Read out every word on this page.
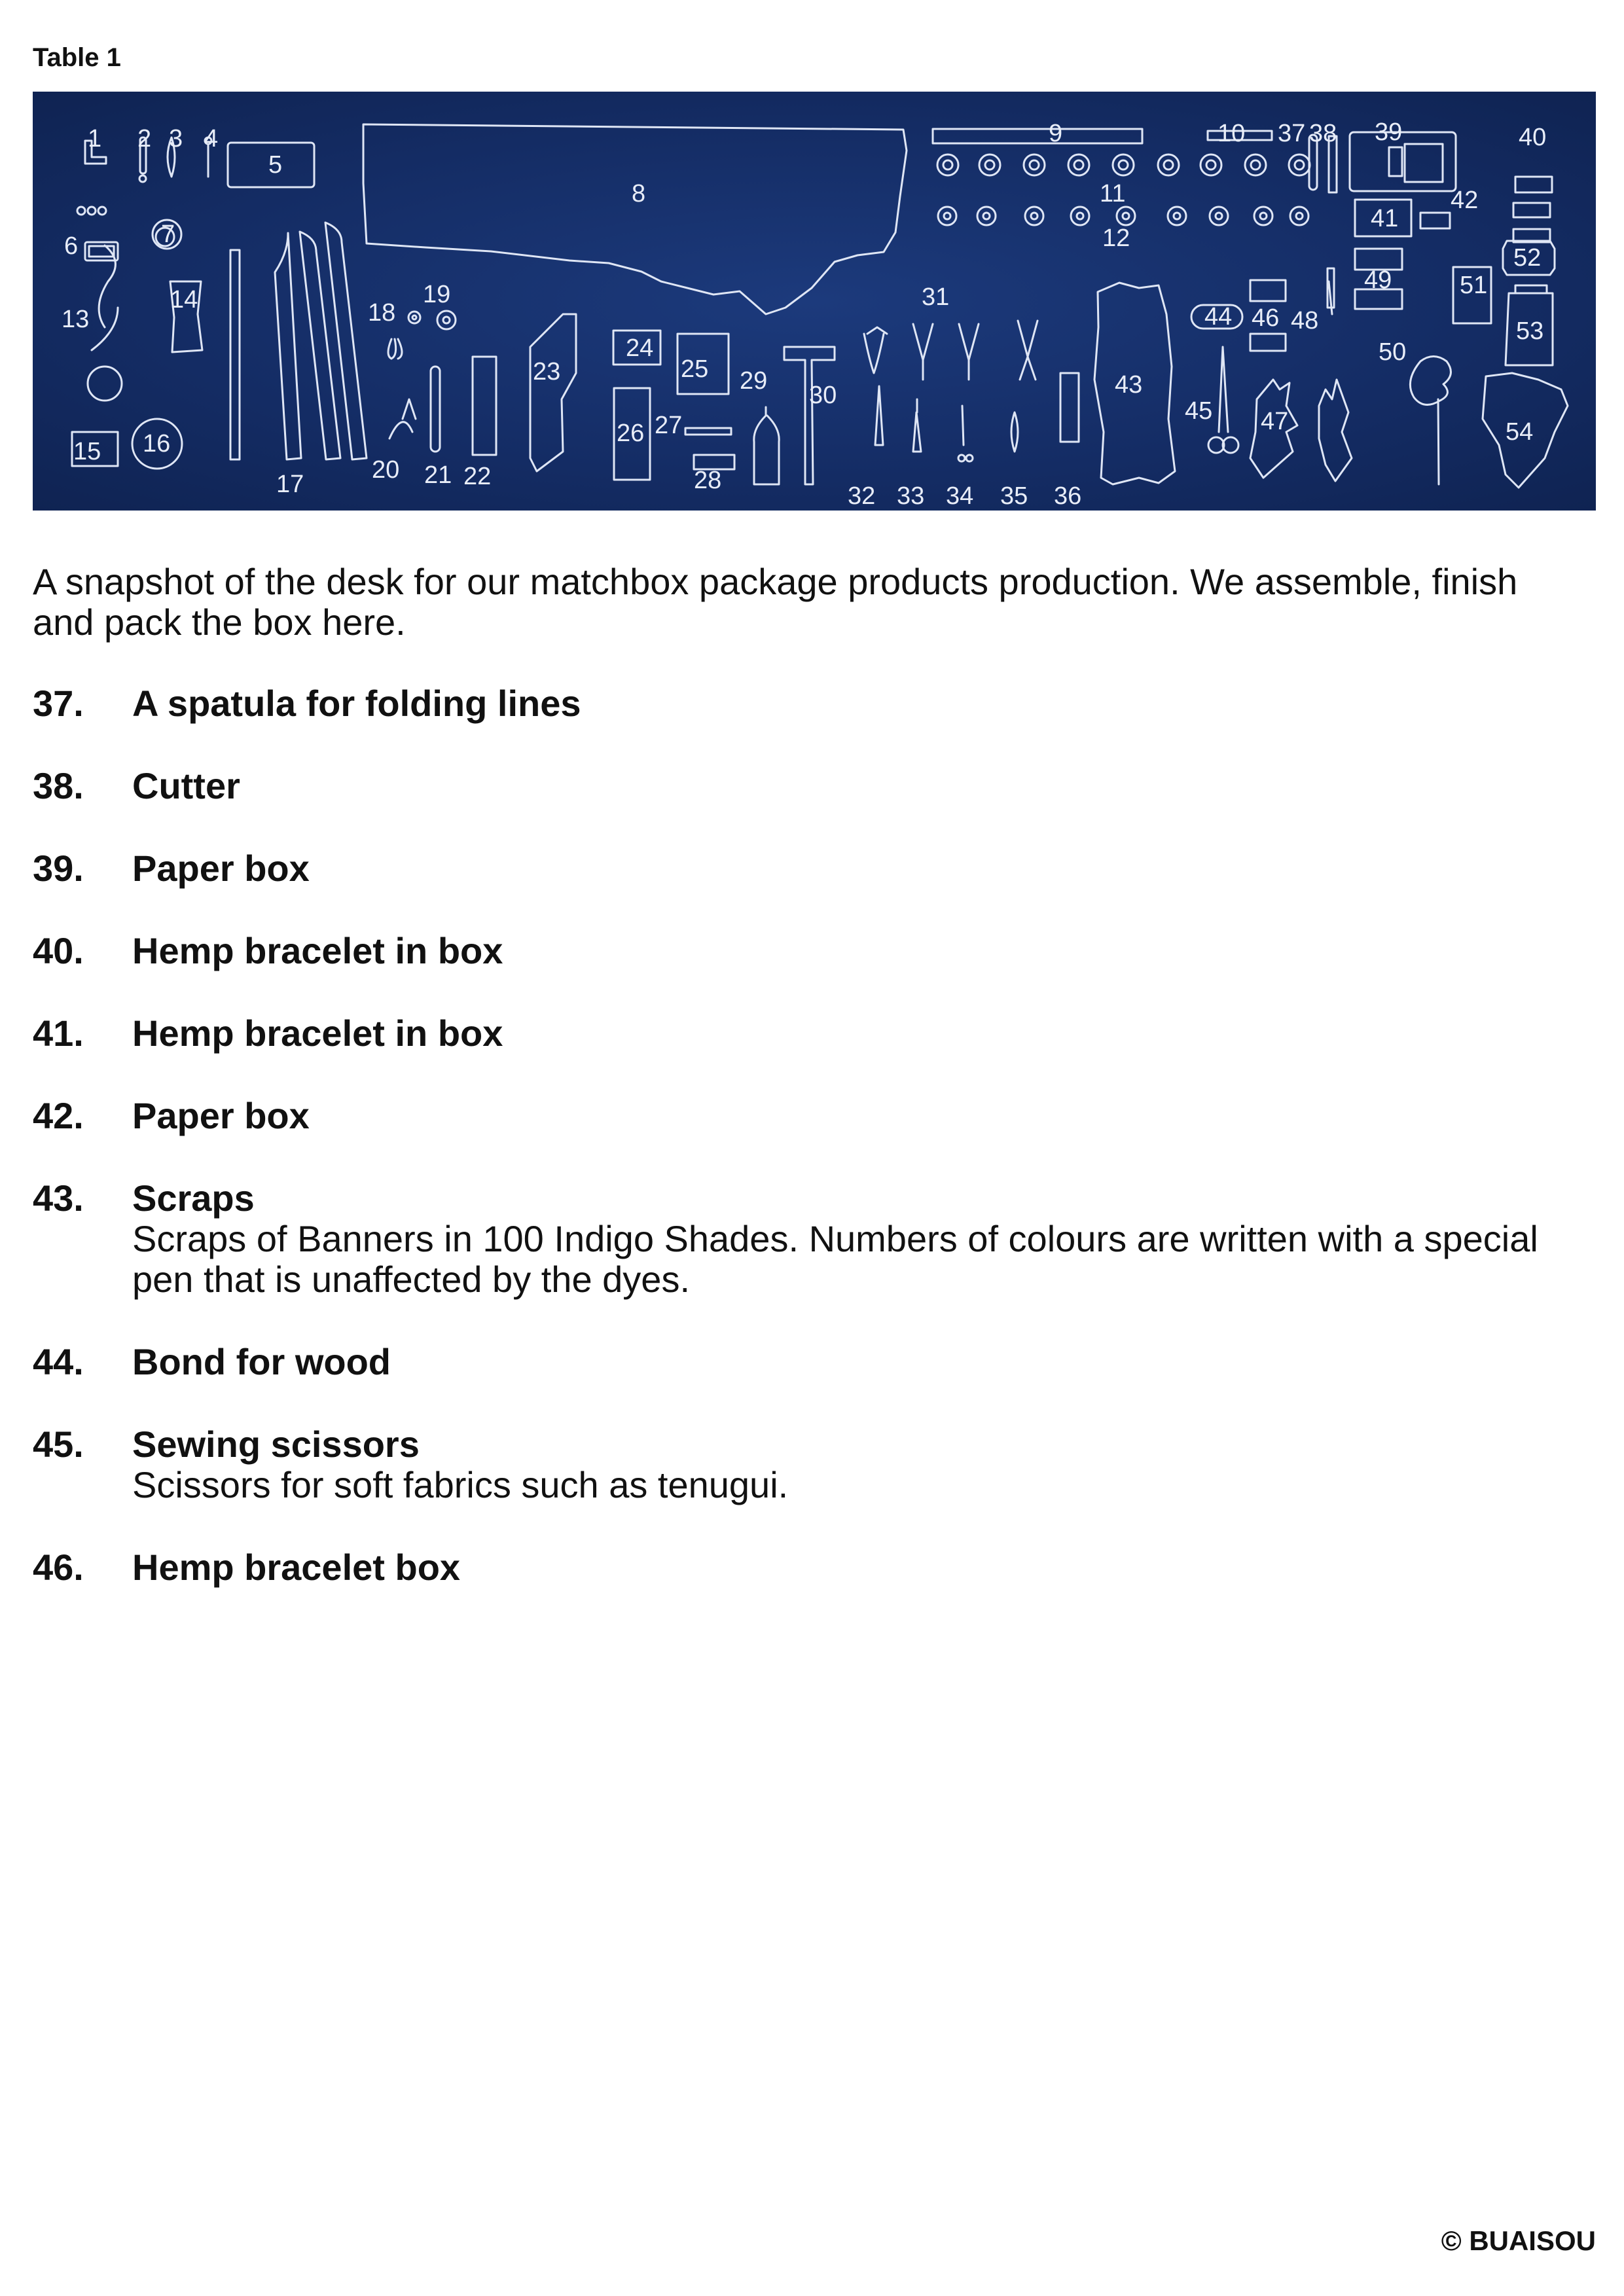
Table 1
1 2 3 4
5
6	7
8
9	10
11
12
13
14
15 16
17
18
19
20 21 22
23
24
25
26 27
28
29
30
31
32 33 34 35 36
37 38 39	40
41
42
43
44
45
46
47
48
49
50
51
52
53
54
A snapshot of the desk for our matchbox package products production. We assemble, finish and pack the box here.
37. A spatula for folding lines
38. Cutter
39. Paper box
40. Hemp bracelet in box
41. Hemp bracelet in box
42. Paper box
43. Scraps
Scraps of Banners in 100 Indigo Shades. Numbers of colours are written with a special pen that is unaffected by the dyes.
44. Bond for wood
45. Sewing scissors
Scissors for soft fabrics such as tenugui.
46. Hemp bracelet box
© BUAISOU
